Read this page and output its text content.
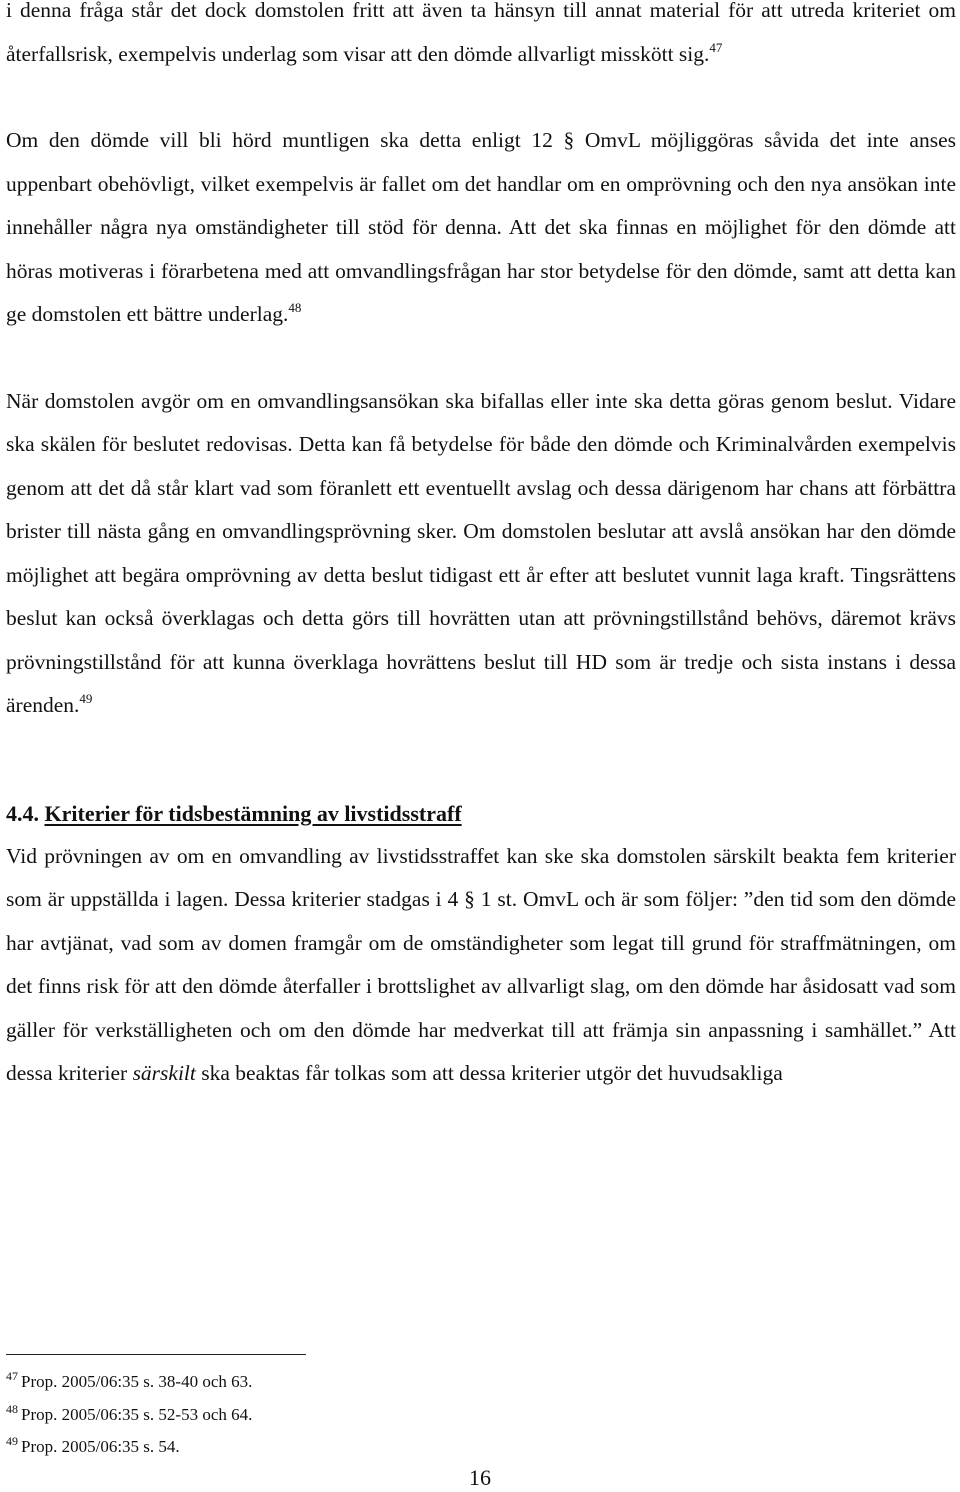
i denna fråga står det dock domstolen fritt att även ta hänsyn till annat material för att utreda kriteriet om återfallsrisk, exempelvis underlag som visar att den dömde allvarligt misskött sig.$^{47}$

Om den dömde vill bli hörd muntligen ska detta enligt 12 § OmvL möjliggöras såvida det inte anses uppenbart obehövligt, vilket exempelvis är fallet om det handlar om en omprövning och den nya ansökan inte innehåller några nya omständigheter till stöd för denna. Att det ska finnas en möjlighet för den dömde att höras motiveras i förarbetena med att omvandlingsfrågan har stor betydelse för den dömde, samt att detta kan ge domstolen ett bättre underlag.$^{48}$

När domstolen avgör om en omvandlingsansökan ska bifallas eller inte ska detta göras genom beslut. Vidare ska skälen för beslutet redovisas. Detta kan få betydelse för både den dömde och Kriminalvården exempelvis genom att det då står klart vad som föranlett ett eventuellt avslag och dessa därigenom har chans att förbättra brister till nästa gång en omvandlingsprövning sker. Om domstolen beslutar att avslå ansökan har den dömde möjlighet att begära omprövning av detta beslut tidigast ett år efter att beslutet vunnit laga kraft. Tingsrättens beslut kan också överklagas och detta görs till hovrätten utan att prövningstillstånd behövs, däremot krävs prövningstillstånd för att kunna överklaga hovrättens beslut till HD som är tredje och sista instans i dessa ärenden.$^{49}$

4.4. Kriterier för tidsbestämning av livstidsstraff

Vid prövningen av om en omvandling av livstidsstraffet kan ske ska domstolen särskilt beakta fem kriterier som är uppställda i lagen. Dessa kriterier stadgas i 4 § 1 st. OmvL och är som följer: ”den tid som den dömde har avtjänat, vad som av domen framgår om de omständigheter som legat till grund för straffmätningen, om det finns risk för att den dömde återfaller i brottslighet av allvarligt slag, om den dömde har åsidosatt vad som gäller för verkställigheten och om den dömde har medverkat till att främja sin anpassning i samhället.” Att dessa kriterier särskilt ska beaktas får tolkas som att dessa kriterier utgör det huvudsakliga

$^{47}$ Prop. 2005/06:35 s. 38-40 och 63.

$^{48}$ Prop. 2005/06:35 s. 52-53 och 64.

$^{49}$ Prop. 2005/06:35 s. 54.

16
